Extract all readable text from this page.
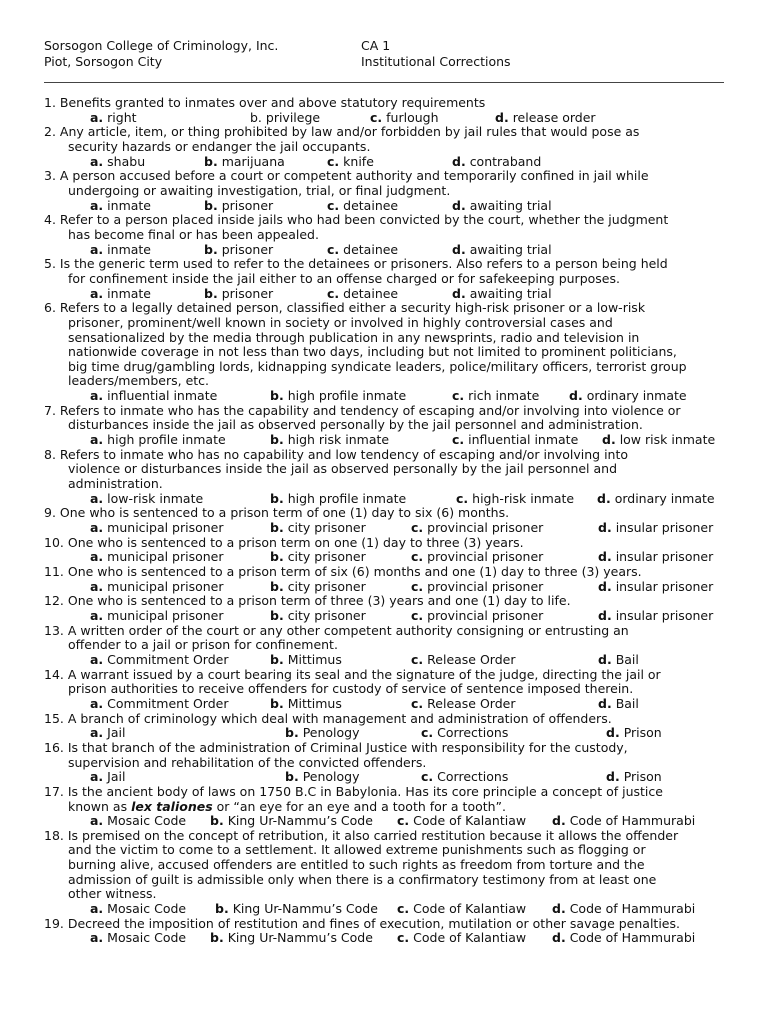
Sorsogon College of Criminology, Inc.	CA 1
Piot, Sorsogon City	Institutional Corrections
1. Benefits granted to inmates over and above statutory requirements
a. right	b. privilege	c. furlough	d. release order
2. Any article, item, or thing prohibited by law and/or forbidden by jail rules that would pose as
security hazards or endanger the jail occupants.
a. shabu	b. marijuana	c. knife	d. contraband
3. A person accused before a court or competent authority and temporarily confined in jail while
undergoing or awaiting investigation, trial, or final judgment.
a. inmate	b. prisoner	c. detainee	d. awaiting trial
4. Refer to a person placed inside jails who had been convicted by the court, whether the judgment
has become final or has been appealed.
a. inmate	b. prisoner	c. detainee	d. awaiting trial
5. Is the generic term used to refer to the detainees or prisoners. Also refers to a person being held
for confinement inside the jail either to an offense charged or for safekeeping purposes.
a. inmate	b. prisoner	c. detainee	d. awaiting trial
6. Refers to a legally detained person, classified either a security high-risk prisoner or a low-risk
prisoner, prominent/well known in society or involved in highly controversial cases and
sensationalized by the media through publication in any newsprints, radio and television in
nationwide coverage in not less than two days, including but not limited to prominent politicians,
big time drug/gambling lords, kidnapping syndicate leaders, police/military officers, terrorist group
leaders/members, etc.
a. influential inmate	b. high profile inmate	c. rich inmate	d. ordinary inmate
7. Refers to inmate who has the capability and tendency of escaping and/or involving into violence or
disturbances inside the jail as observed personally by the jail personnel and administration.
a. high profile inmate	b. high risk inmate	c. influential inmate	d. low risk inmate
8. Refers to inmate who has no capability and low tendency of escaping and/or involving into
violence or disturbances inside the jail as observed personally by the jail personnel and
administration.
a. low-risk inmate	b. high profile inmate	c. high-risk inmate	d. ordinary inmate
9. One who is sentenced to a prison term of one (1) day to six (6) months.
a. municipal prisoner	b. city prisoner	c. provincial prisoner	d. insular prisoner
10. One who is sentenced to a prison term on one (1) day to three (3) years.
a. municipal prisoner	b. city prisoner	c. provincial prisoner	d. insular prisoner
11. One who is sentenced to a prison term of six (6) months and one (1) day to three (3) years.
a. municipal prisoner	b. city prisoner	c. provincial prisoner	d. insular prisoner
12. One who is sentenced to a prison term of three (3) years and one (1) day to life.
a. municipal prisoner	b. city prisoner	c. provincial prisoner	d. insular prisoner
13. A written order of the court or any other competent authority consigning or entrusting an
offender to a jail or prison for confinement.
a. Commitment Order	b. Mittimus	c. Release Order	d. Bail
14. A warrant issued by a court bearing its seal and the signature of the judge, directing the jail or
prison authorities to receive offenders for custody of service of sentence imposed therein.
a. Commitment Order	b. Mittimus	c. Release Order	d. Bail
15. A branch of criminology which deal with management and administration of offenders.
a. Jail	b. Penology	c. Corrections	d. Prison
16. Is that branch of the administration of Criminal Justice with responsibility for the custody,
supervision and rehabilitation of the convicted offenders.
a. Jail	b. Penology	c. Corrections	d. Prison
17. Is the ancient body of laws on 1750 B.C in Babylonia. Has its core principle a concept of justice
known as lex taliones or “an eye for an eye and a tooth for a tooth”.
a. Mosaic Code	b. King Ur-Nammu’s Code	c. Code of Kalantiaw	d. Code of Hammurabi
18. Is premised on the concept of retribution, it also carried restitution because it allows the offender
and the victim to come to a settlement. It allowed extreme punishments such as flogging or
burning alive, accused offenders are entitled to such rights as freedom from torture and the
admission of guilt is admissible only when there is a confirmatory testimony from at least one
other witness.
a. Mosaic Code	b. King Ur-Nammu’s Code	c. Code of Kalantiaw	d. Code of Hammurabi
19. Decreed the imposition of restitution and fines of execution, mutilation or other savage penalties.
a. Mosaic Code	b. King Ur-Nammu’s Code	c. Code of Kalantiaw	d. Code of Hammurabi
